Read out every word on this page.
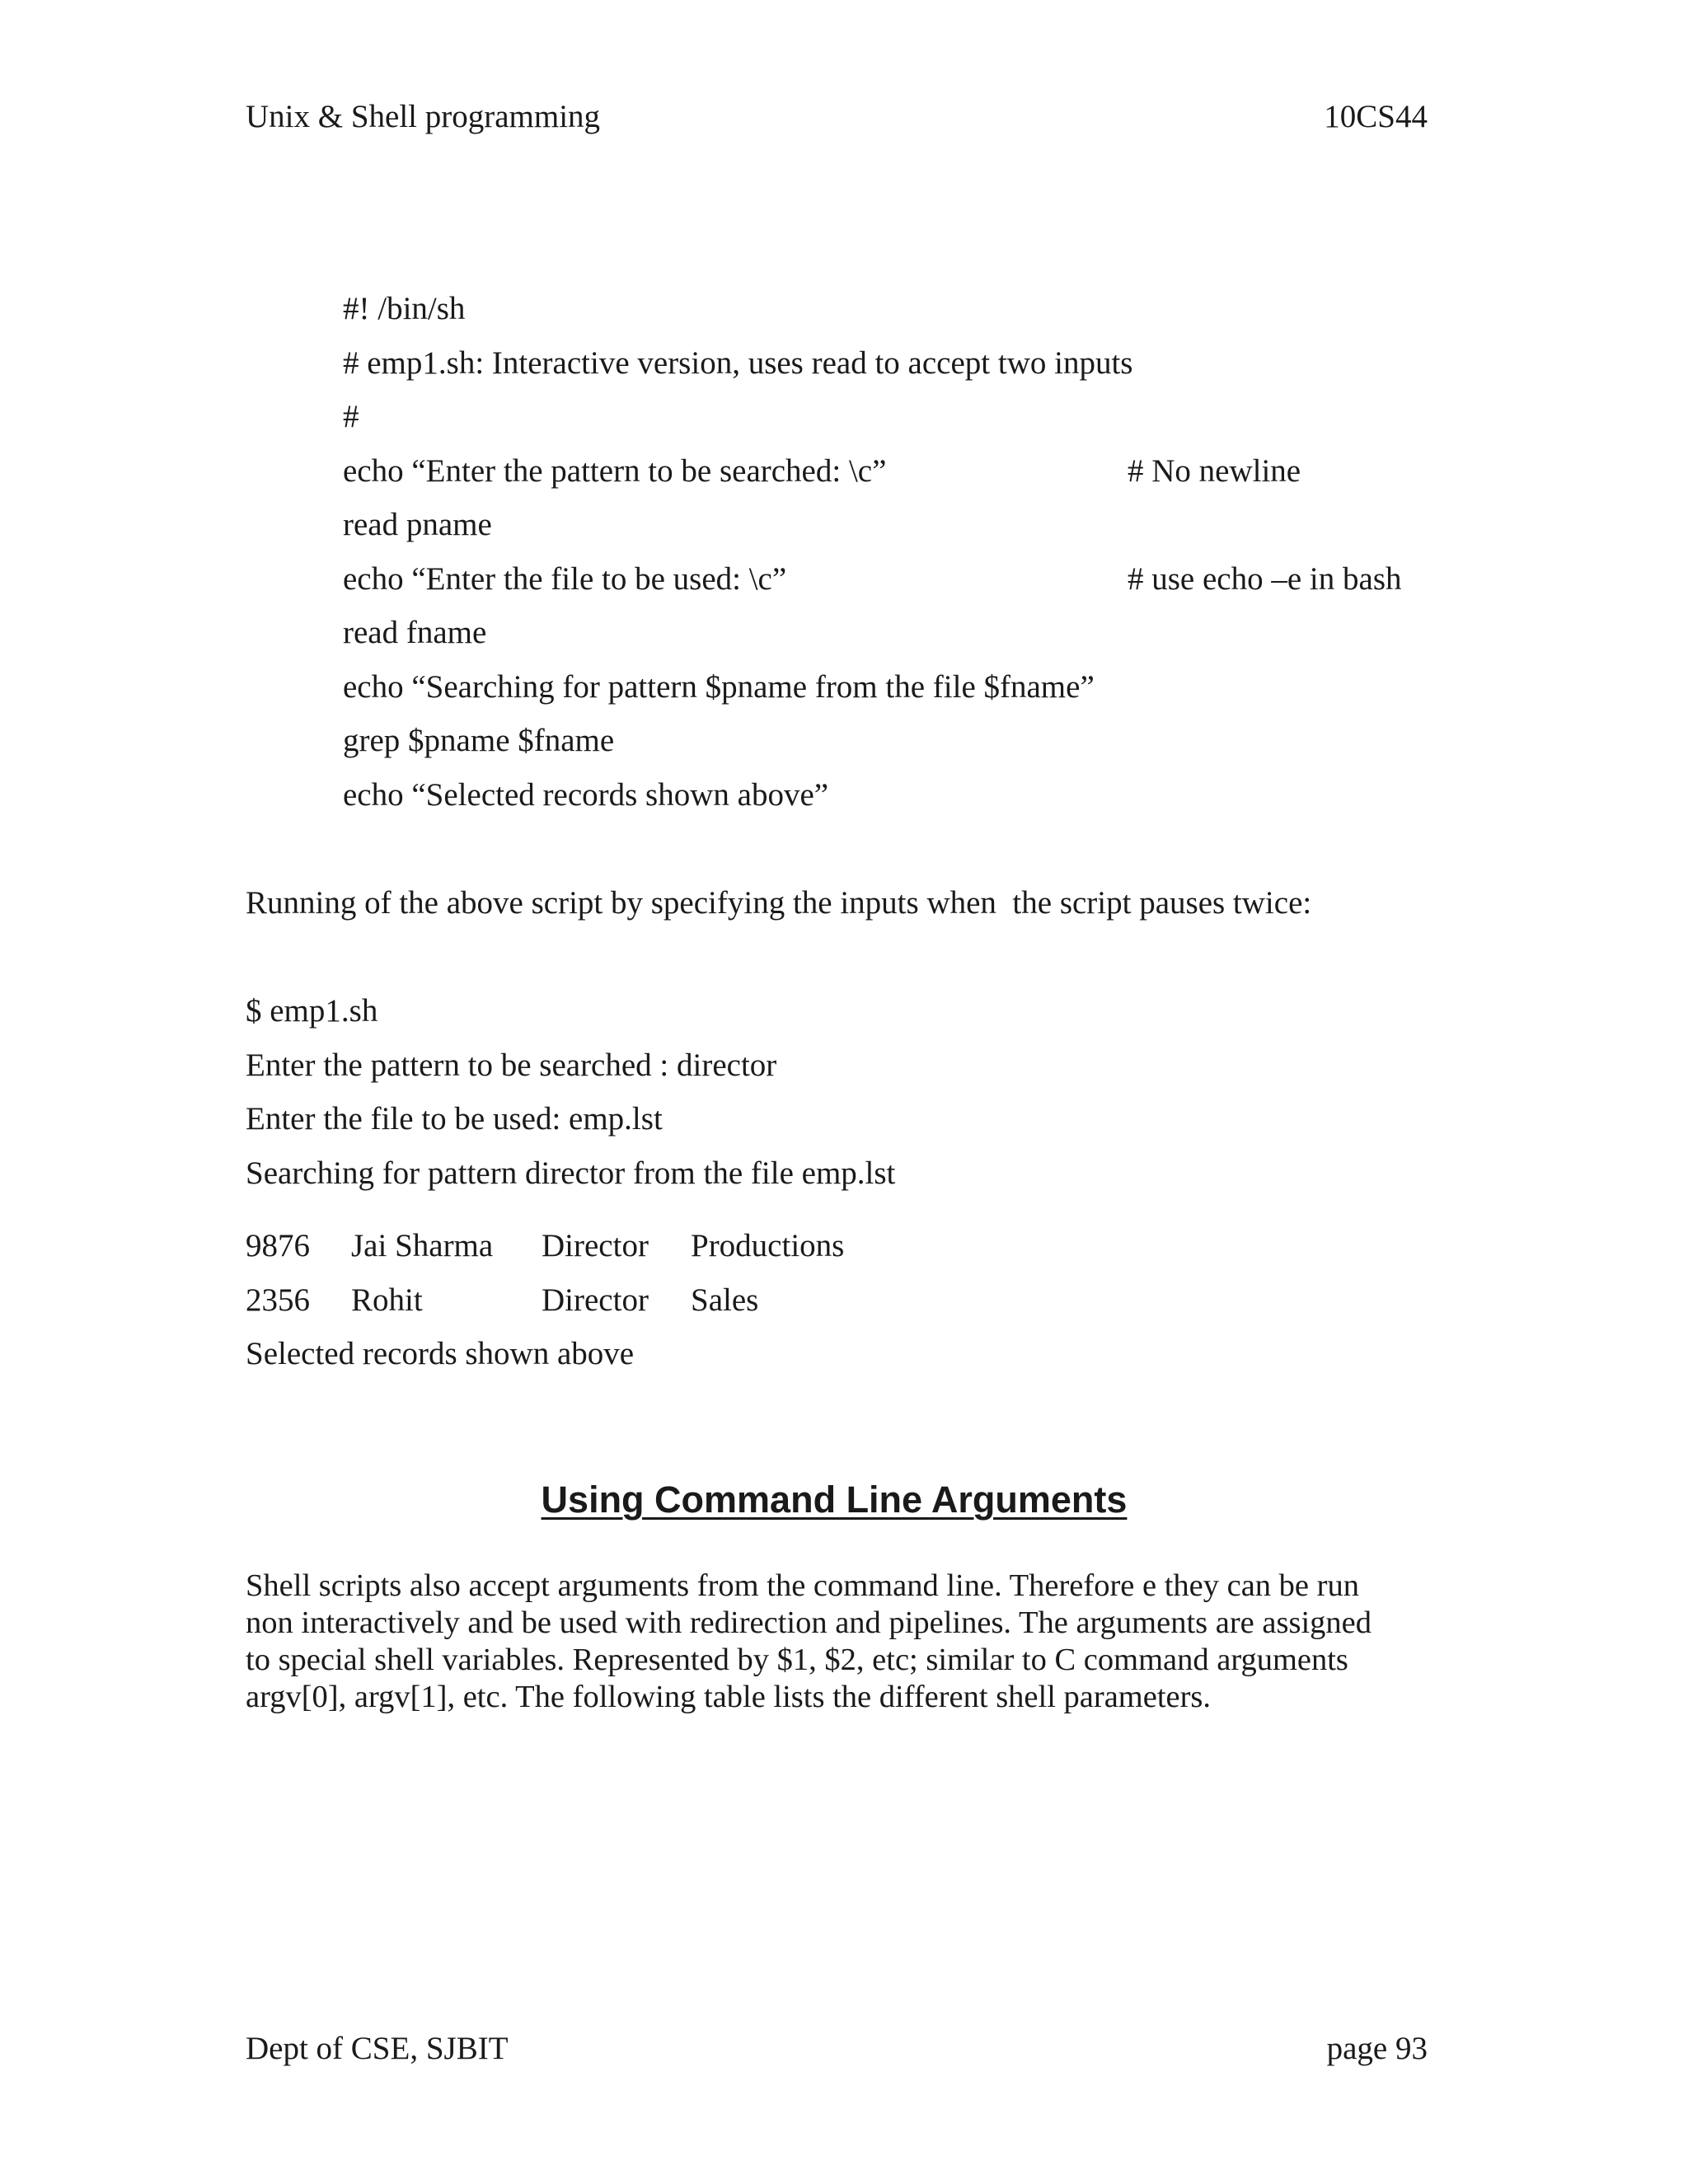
Unix & Shell programming	10CS44
#! /bin/sh
# emp1.sh: Interactive version, uses read to accept two inputs
#
echo “Enter the pattern to be searched: \c”	# No newline
read pname
echo “Enter the file to be used: \c”	# use echo –e in bash
read fname
echo “Searching for pattern $pname from the file $fname”
grep $pname $fname
echo “Selected records shown above”
Running of the above script by specifying the inputs when  the script pauses twice:
$ emp1.sh
Enter the pattern to be searched : director
Enter the file to be used: emp.lst
Searching for pattern director from the file emp.lst
9876 Jai Sharma Director Productions
2356 Rohit	Director Sales
Selected records shown above
Using Command Line Arguments
Shell scripts also accept arguments from the command line. Therefore e they can be run
non interactively and be used with redirection and pipelines. The arguments are assigned
to special shell variables. Represented by $1, $2, etc; similar to C command arguments
argv[0], argv[1], etc. The following table lists the different shell parameters.
Dept of CSE, SJBIT	page 93
